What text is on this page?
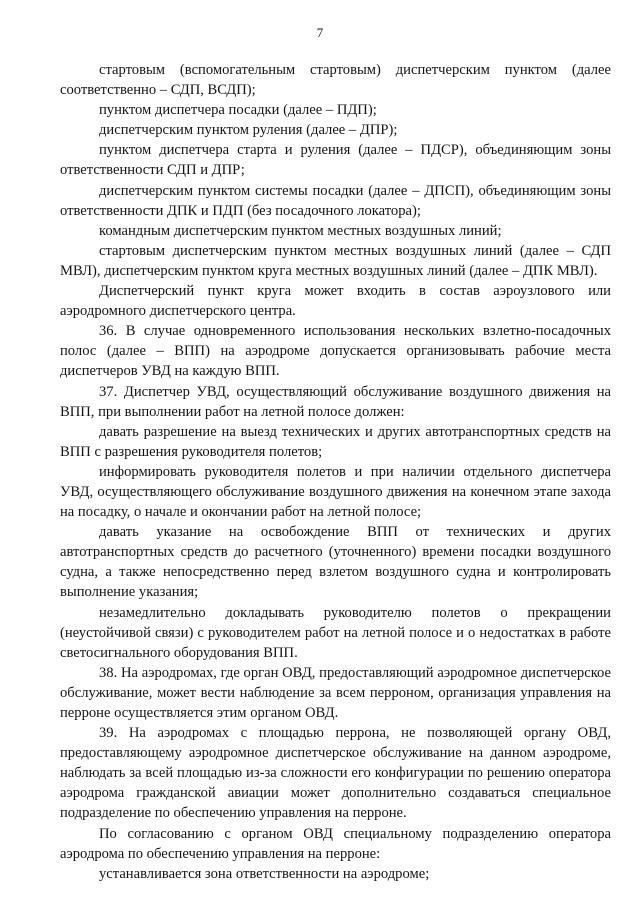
7

стартовым (вспомогательным стартовым) диспетчерским пунктом (далее соответственно – СДП, ВСДП);

пунктом диспетчера посадки (далее – ПДП);

диспетчерским пунктом руления (далее – ДПР);

пунктом диспетчера старта и руления (далее – ПДСР), объединяющим зоны ответственности СДП и ДПР;

диспетчерским пунктом системы посадки (далее – ДПСП), объединяющим зоны ответственности ДПК и ПДП (без посадочного локатора);

командным диспетчерским пунктом местных воздушных линий;

стартовым диспетчерским пунктом местных воздушных линий (далее – СДП МВЛ), диспетчерским пунктом круга местных воздушных линий (далее – ДПК МВЛ).

Диспетчерский пункт круга может входить в состав аэроузлового или аэродромного диспетчерского центра.

36. В случае одновременного использования нескольких взлетно-посадочных полос (далее – ВПП) на аэродроме допускается организовывать рабочие места диспетчеров УВД на каждую ВПП.

37. Диспетчер УВД, осуществляющий обслуживание воздушного движения на ВПП, при выполнении работ на летной полосе должен:

давать разрешение на выезд технических и других автотранспортных средств на ВПП с разрешения руководителя полетов;

информировать руководителя полетов и при наличии отдельного диспетчера УВД, осуществляющего обслуживание воздушного движения на конечном этапе захода на посадку, о начале и окончании работ на летной полосе;

давать указание на освобождение ВПП от технических и других автотранспортных средств до расчетного (уточненного) времени посадки воздушного судна, а также непосредственно перед взлетом воздушного судна и контролировать выполнение указания;

незамедлительно докладывать руководителю полетов о прекращении (неустойчивой связи) с руководителем работ на летной полосе и о недостатках в работе светосигнального оборудования ВПП.

38. На аэродромах, где орган ОВД, предоставляющий аэродромное диспетчерское обслуживание, может вести наблюдение за всем перроном, организация управления на перроне осуществляется этим органом ОВД.

39. На аэродромах с площадью перрона, не позволяющей органу ОВД, предоставляющему аэродромное диспетчерское обслуживание на данном аэродроме, наблюдать за всей площадью из-за сложности его конфигурации по решению оператора аэродрома гражданской авиации может дополнительно создаваться специальное подразделение по обеспечению управления на перроне.

По согласованию с органом ОВД специальному подразделению оператора аэродрома по обеспечению управления на перроне:

устанавливается зона ответственности на аэродроме;
